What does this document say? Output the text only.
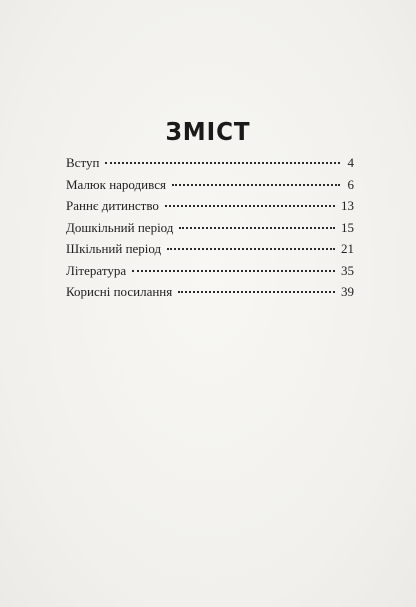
ЗМІСТ
Вступ	4
Малюк народився	6
Раннє дитинство	13
Дошкільний період	15
Шкільний період	21
Література	35
Корисні посилання	39
